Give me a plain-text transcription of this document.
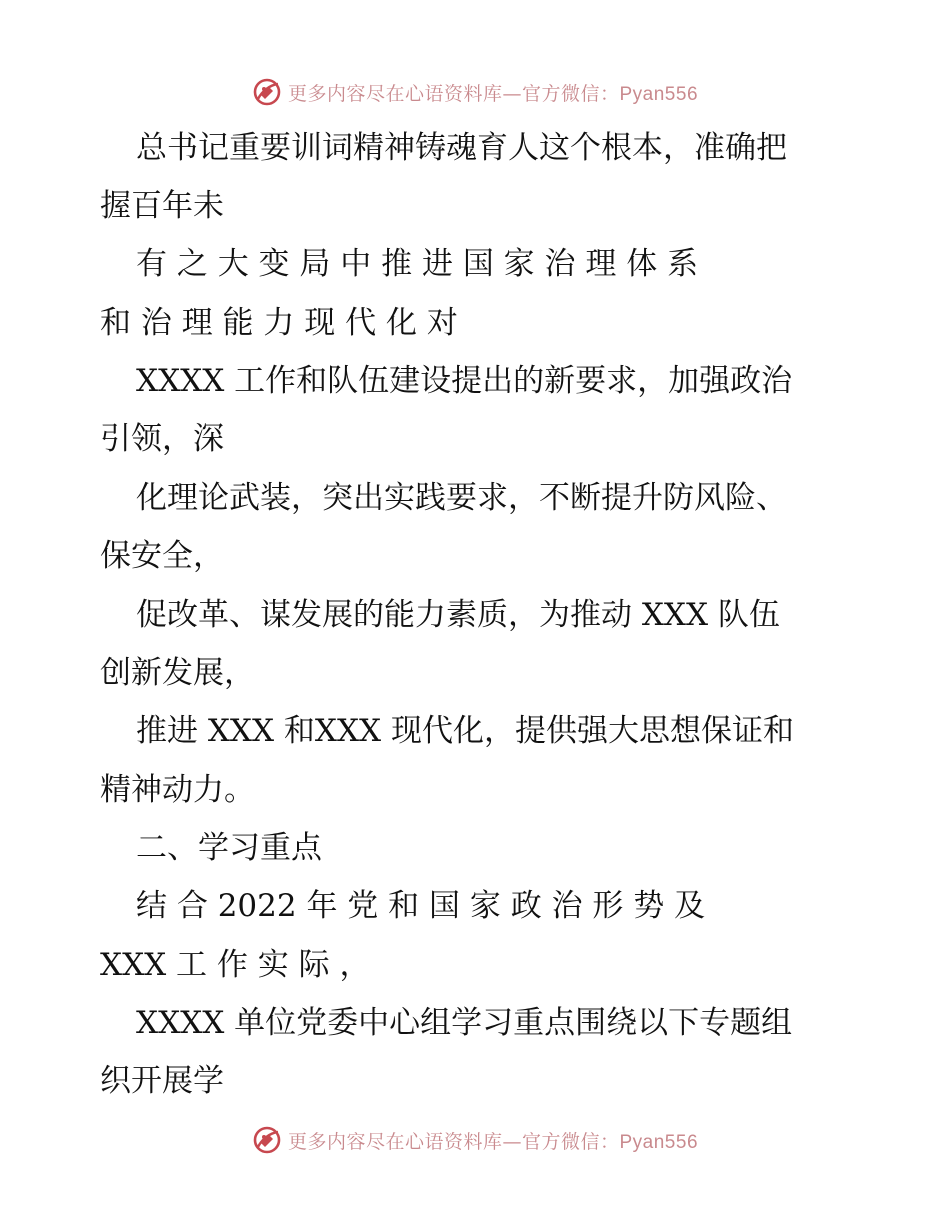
更多内容尽在心语资料库—官方微信：Pyan556
总书记重要训词精神铸魂育人这个根本，准确把
握百年未
有 之 大 变 局 中 推 进 国 家 治 理 体 系
和 治 理 能 力 现 代 化 对
XXXX 工作和队伍建设提出的新要求，加强政治
引领，深
化理论武装，突出实践要求，不断提升防风险、
保安全，
促改革、谋发展的能力素质，为推动 XXX 队伍
创新发展，
推进 XXX 和XXX 现代化，提供强大思想保证和
精神动力。
二、学习重点
结 合 2022 年 党 和 国 家 政 治 形 势 及
XXX 工 作 实 际 ，
XXXX 单位党委中心组学习重点围绕以下专题组
织开展学
更多内容尽在心语资料库—官方微信：Pyan556
